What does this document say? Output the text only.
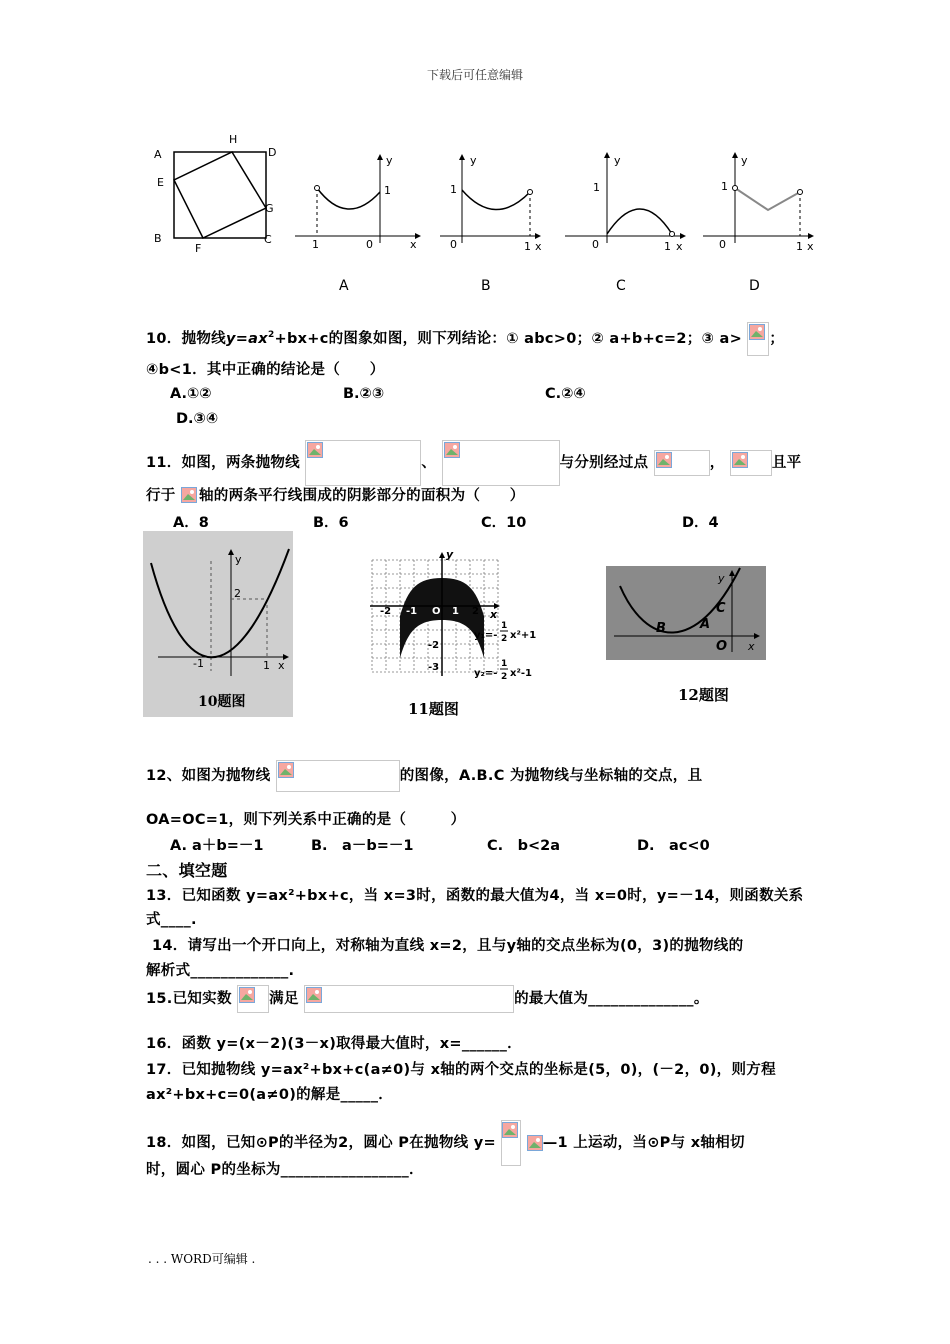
下载后可任意编辑
A
H
D
E
G
B
F
C	1	0	x
1
y
0	1 x
1
y
0	1 x
1
y
0	1 x
1
y
A	B	C	D
10．抛物线$y=ax^2+bx+c$的图象如图，则下列结论：① abc>0；② a+b+c=2；③ a> ；
④b<1．其中正确的结论是（　　）
A.①②	B.②③	C.②④
D.③④
11．如图，两条抛物线	、	与分别经过点	，	且平
行于 轴的两条平行线围成的阴影部分的面积为（　　）
A．8	B．6	C．10	D．4
y
2
-1	1 x
10题图
y
-2 -1 O 1 2 x
-2
-3
y₁=-
1
2 x²+1
y₂=-
1
2 x²-1
11题图
y
C
B	A
O x
12题图
12、如图为抛物线	的图像，A.B.C 为抛物线与坐标轴的交点，且
OA=OC=1，则下列关系中正确的是（　　　）
A. a＋b=－1	B.　a－b=－1	C.　b<2a	D.　ac<0
二、填空题
13．已知函数 y=ax²+bx+c，当 x=3时，函数的最大值为4，当 x=0时，y=－14，则函数关系
式____.
14．请写出一个开口向上，对称轴为直线 x=2，且与y轴的交点坐标为(0，3)的抛物线的
解析式_____________.
15.已知实数	满足	的最大值为______________。
16．函数 y=(x－2)(3－x)取得最大值时，x=______．
17．已知抛物线 y=ax²+bx+c(a≠0)与 x轴的两个交点的坐标是(5，0)，(－2，0)，则方程
ax²+bx+c=0(a≠0)的解是_____．
18．如图，已知⊙P的半径为2，圆心 P在抛物线 y=
	—1 上运动，当⊙P与 x轴相切
时，圆心 P的坐标为_________________．
. . . WORD可编辑 .
